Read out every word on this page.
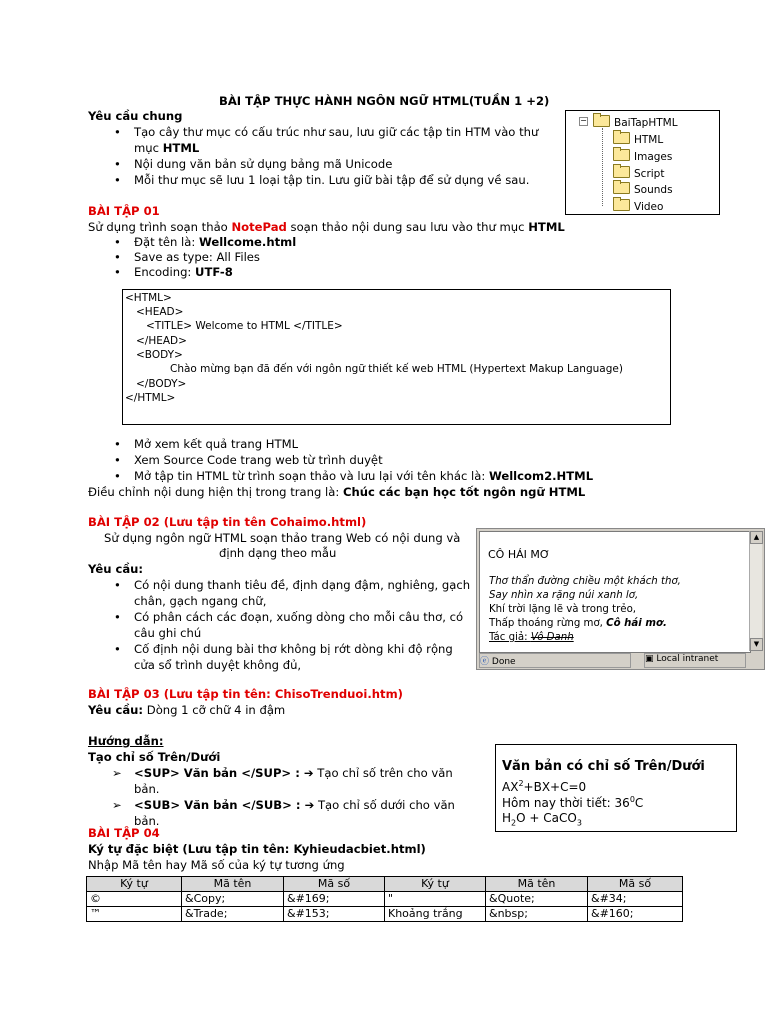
BÀI TẬP THỰC HÀNH NGÔN NGỮ HTML(TUẦN 1 +2)
Yêu cầu chung
• Tạo cây thư mục có cấu trúc như sau, lưu giữ các tập tin HTM vào thư
mục HTML
• Nội dung văn bản sử dụng bảng mã Unicode
• Mỗi thư mục sẽ lưu 1 loại tập tin. Lưu giữ bài tập để sử dụng về sau.
−	BaiTapHTML
HTML
Images
Script
Sounds
Video
BÀI TẬP 01
Sử dụng trình soạn thảo NotePad soạn thảo nội dung sau lưu vào thư mục HTML
• Đặt tên là: Wellcome.html
• Save as type: All Files
• Encoding: UTF-8
<HTML>
<HEAD>
<TITLE> Welcome to HTML </TITLE>
</HEAD>
<BODY>
Chào mừng bạn đã đến với ngôn ngữ thiết kế web HTML (Hypertext Makup Language)
</BODY>
</HTML>
• Mở xem kết quả trang HTML
• Xem Source Code trang web từ trình duyệt
• Mở tập tin HTML từ trình soạn thảo và lưu lại với tên khác là: Wellcom2.HTML
Điều chỉnh nội dung hiện thị trong trang là: Chúc các bạn học tốt ngôn ngữ HTML
BÀI TẬP 02 (Lưu tập tin tên Cohaimo.html)
Sử dụng ngôn ngữ HTML soạn thảo trang Web có nội dung và
định dạng theo mẫu
Yêu cầu:
• Có nội dung thanh tiêu đề, định dạng đậm, nghiêng, gạch
chân, gạch ngang chữ,
• Có phân cách các đoạn, xuống dòng cho mỗi câu thơ, có
câu ghi chú
• Cố định nội dung bài thơ không bị rớt dòng khi độ rộng
cửa sổ trình duyệt không đủ,
CÔ HÁI MƠ
Thơ thẩn đường chiều một khách thơ,
Say nhìn xa rặng núi xanh lơ,
Khí trời lặng lẽ và trong trẻo,
Thấp thoáng rừng mơ, Cô hái mơ.
Tác giả: Vô Danh
▲
▼
ⓔ Done	▣ Local intranet
BÀI TẬP 03 (Lưu tập tin tên: ChisoTrenduoi.htm)
Yêu cầu: Dòng 1 cỡ chữ 4 in đậm
Hướng dẫn:
Tạo chỉ số Trên/Dưới
➢ <SUP> Văn bản </SUP> : ➔ Tạo chỉ số trên cho văn
bản.
➢ <SUB> Văn bản </SUB> : ➔ Tạo chỉ số dưới cho văn
bản.
Văn bản có chỉ số Trên/Dưới
$AX^2+BX+C=0$
Hôm nay thời tiết: $36^0C$
$H_2O$ + CaCO$_3$
BÀI TẬP 04
Ký tự đặc biệt (Lưu tập tin tên: Kyhieudacbiet.html)
Nhập Mã tên hay Mã số của ký tự tương ứng
Ký tự	Mã tên	Mã số	Ký tự	Mã tên	Mã số
©	&Copy;	&#169;	"	&Quote;	&#34;
™	&Trade;	&#153;	Khoảng trắng	&nbsp;	&#160;
